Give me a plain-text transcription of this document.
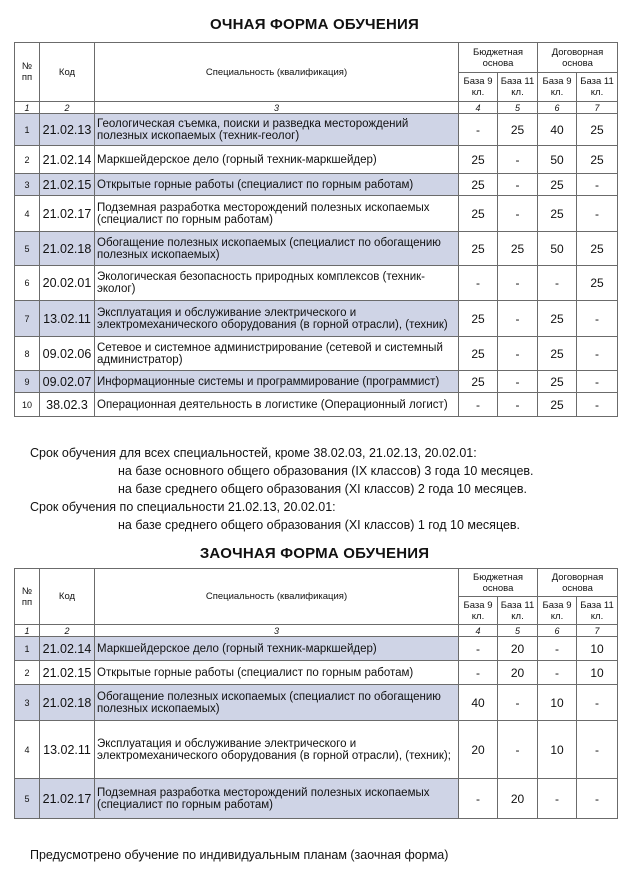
ОЧНАЯ ФОРМА ОБУЧЕНИЯ
№ пп	Код	Специальность (квалификация)	Бюджетная основа		Договорная основа	
			База 9 кл.	База 11 кл.	База 9 кл.	База 11 кл.
1	2	3	4	5	6	7
1	21.02.13	Геологическая съемка, поиски и разведка месторождений полезных ископаемых (техник-геолог)	-	25	40	25
2	21.02.14	Маркшейдерское дело (горный техник-маркшейдер)	25	-	50	25
3	21.02.15	Открытые горные работы (специалист по горным работам)	25	-	25	-
4	21.02.17	Подземная разработка месторождений полезных ископаемых (специалист по горным работам)	25	-	25	-
5	21.02.18	Обогащение полезных ископаемых (специалист по обогащению полезных ископаемых)	25	25	50	25
6	20.02.01	Экологическая безопасность природных комплексов (техник-эколог)	-	-	-	25
7	13.02.11	Эксплуатация и обслуживание электрического и электромеханического оборудования (в горной отрасли), (техник)	25	-	25	-
8	09.02.06	Сетевое и системное администрирование (сетевой и системный администратор)	25	-	25	-
9	09.02.07	Информационные системы и программирование (программист)	25	-	25	-
10	38.02.3	Операционная деятельность в логистике (Операционный логист)	-	-	25	-
Срок обучения для всех специальностей, кроме 38.02.03, 21.02.13, 20.02.01:
на базе основного общего образования (IX классов) 3 года 10 месяцев.
на базе среднего общего образования (XI классов) 2 года 10 месяцев.
Срок обучения по специальности 21.02.13, 20.02.01:
на базе среднего общего образования (XI классов) 1 год 10 месяцев.
ЗАОЧНАЯ ФОРМА ОБУЧЕНИЯ
№ пп	Код	Специальность (квалификация)	Бюджетная основа		Договорная основа	
			База 9 кл.	База 11 кл.	База 9 кл.	База 11 кл.
1	2	3	4	5	6	7
1	21.02.14	Маркшейдерское дело (горный техник-маркшейдер)	-	20	-	10
2	21.02.15	Открытые горные работы (специалист по горным работам)	-	20	-	10
3	21.02.18	Обогащение полезных ископаемых (специалист по обогащению полезных ископаемых)	40	-	10	-
4	13.02.11	Эксплуатация и обслуживание электрического и электромеханического оборудования (в горной отрасли), (техник);	20	-	10	-
5	21.02.17	Подземная разработка месторождений полезных ископаемых (специалист по горным работам)	-	20	-	-
Предусмотрено обучение по индивидуальным планам (заочная форма)
